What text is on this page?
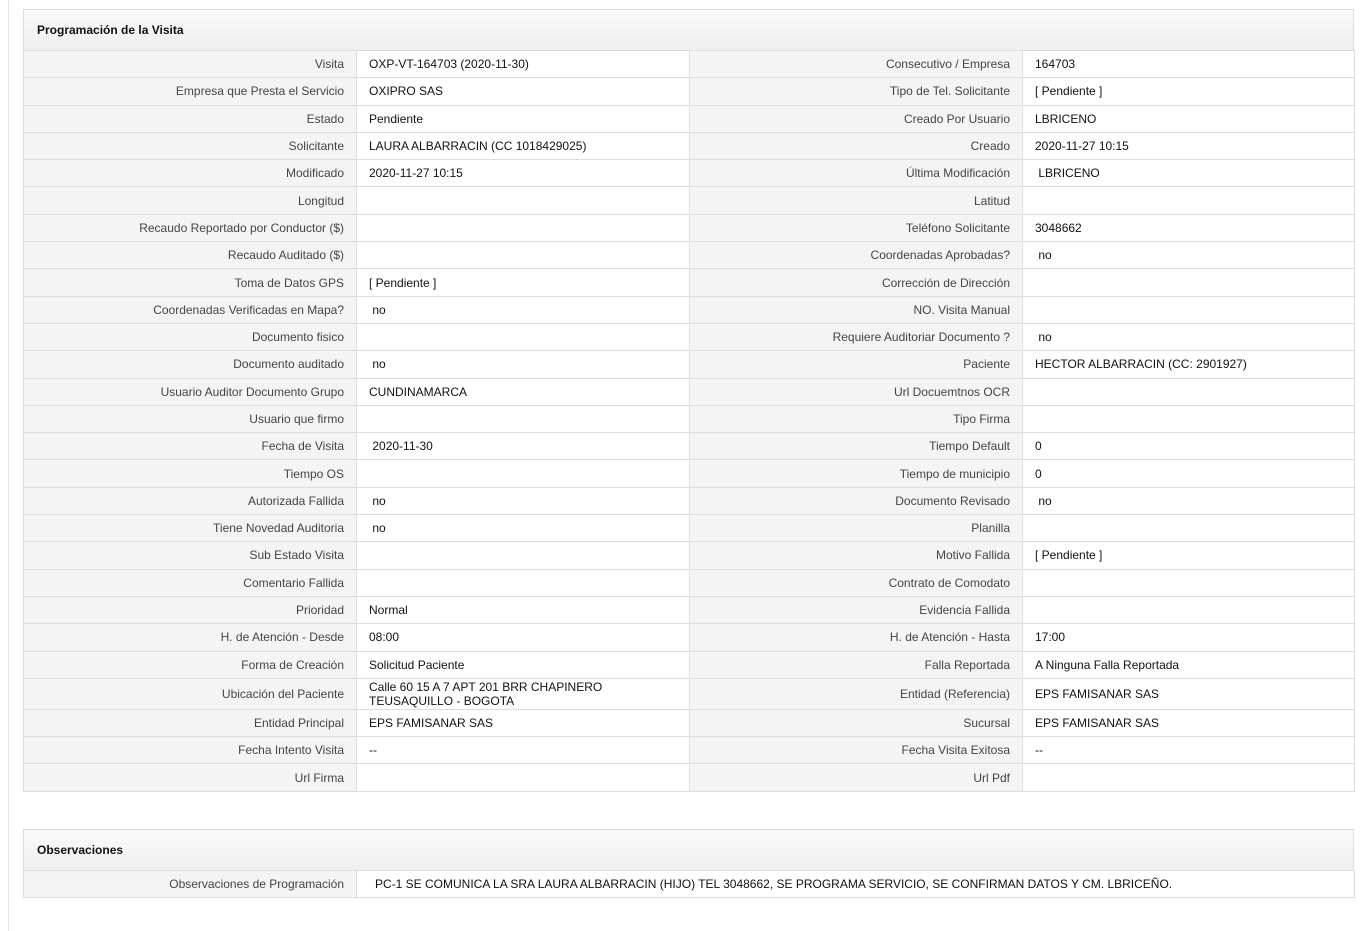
Programación de la Visita
Visita	OXP-VT-164703 (2020-11-30)	Consecutivo / Empresa	164703
Empresa que Presta el Servicio	OXIPRO SAS	Tipo de Tel. Solicitante	[ Pendiente ]
Estado	Pendiente	Creado Por Usuario	LBRICENO
Solicitante	LAURA ALBARRACIN (CC 1018429025)	Creado	2020-11-27 10:15
Modificado	2020-11-27 10:15	Última Modificación	LBRICENO
Longitud		Latitud	
Recaudo Reportado por Conductor ($)		Teléfono Solicitante	3048662
Recaudo Auditado ($)		Coordenadas Aprobadas?	no
Toma de Datos GPS	[ Pendiente ]	Corrección de Dirección	
Coordenadas Verificadas en Mapa?	no	NO. Visita Manual	
Documento fisico		Requiere Auditoriar Documento ?	no
Documento auditado	no	Paciente	HECTOR ALBARRACIN (CC: 2901927)
Usuario Auditor Documento Grupo	CUNDINAMARCA	Url Docuemtnos OCR	
Usuario que firmo		Tipo Firma	
Fecha de Visita	2020-11-30	Tiempo Default	0
Tiempo OS		Tiempo de municipio	0
Autorizada Fallida	no	Documento Revisado	no
Tiene Novedad Auditoria	no	Planilla	
Sub Estado Visita		Motivo Fallida	[ Pendiente ]
Comentario Fallida		Contrato de Comodato	
Prioridad	Normal	Evidencia Fallida	
H. de Atención - Desde	08:00	H. de Atención - Hasta	17:00
Forma de Creación	Solicitud Paciente	Falla Reportada	A Ninguna Falla Reportada
Ubicación del Paciente	Calle 60 15 A 7 APT 201 BRR CHAPINERO TEUSAQUILLO - BOGOTA	Entidad (Referencia)	EPS FAMISANAR SAS
Entidad Principal	EPS FAMISANAR SAS	Sucursal	EPS FAMISANAR SAS
Fecha Intento Visita	--	Fecha Visita Exitosa	--
Url Firma		Url Pdf	
Observaciones
Observaciones de Programación	PC-1 SE COMUNICA LA SRA LAURA ALBARRACIN (HIJO) TEL 3048662, SE PROGRAMA SERVICIO, SE CONFIRMAN DATOS Y CM. LBRICEÑO.
